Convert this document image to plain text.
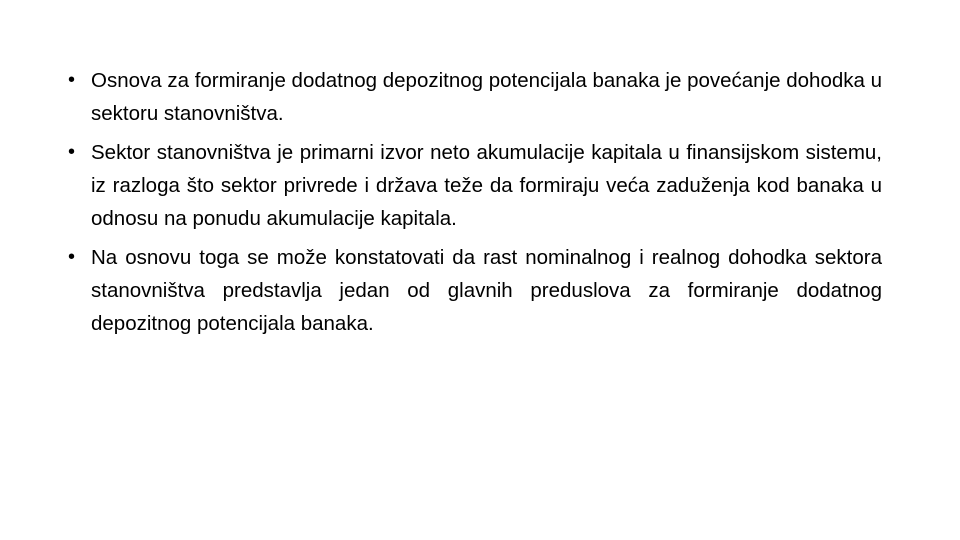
• Osnova za formiranje dodatnog depozitnog potencijala banaka je povećanje dohodka u sektoru stanovništva.
• Sektor stanovništva je primarni izvor neto akumulacije kapitala u finansijskom sistemu, iz razloga što sektor privrede i država teže da formiraju veća zaduženja kod banaka u odnosu na ponudu akumulacije kapitala.
• Na osnovu toga se može konstatovati da rast nominalnog i realnog dohodka sektora stanovništva predstavlja jedan od glavnih preduslova za formiranje dodatnog depozitnog potencijala banaka.
